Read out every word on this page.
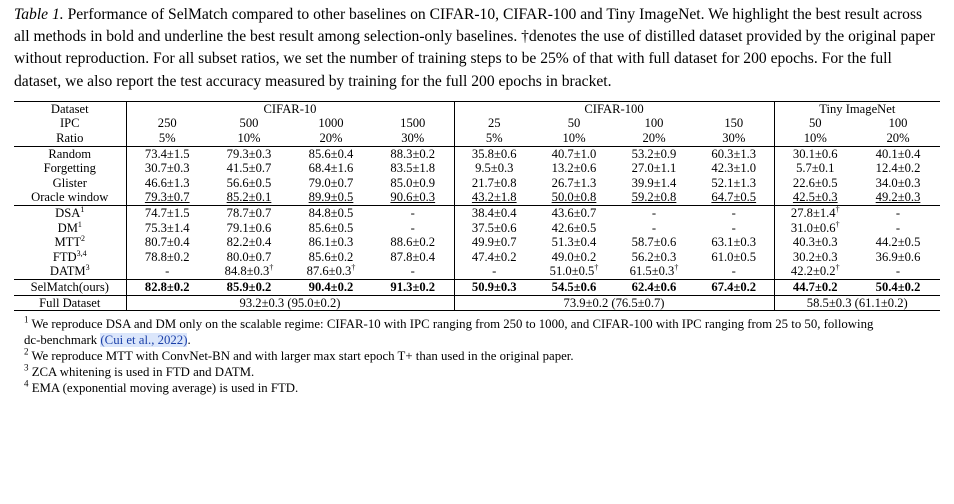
Table 1. Performance of SelMatch compared to other baselines on CIFAR-10, CIFAR-100 and Tiny ImageNet. We highlight the best result across all methods in bold and underline the best result among selection-only baselines. †denotes the use of distilled dataset provided by the original paper without reproduction. For all subset ratios, we set the number of training steps to be 25% of that with full dataset for 200 epochs. For the full dataset, we also report the test accuracy measured by training for the full 200 epochs in bracket.

Dataset	CIFAR-10				CIFAR-100				Tiny ImageNet	
IPC	250	500	1000	1500	25	50	100	150	50	100
Ratio	5%	10%	20%	30%	5%	10%	20%	30%	10%	20%
Random	73.4±1.5	79.3±0.3	85.6±0.4	88.3±0.2	35.8±0.6	40.7±1.0	53.2±0.9	60.3±1.3	30.1±0.6	40.1±0.4
Forgetting	30.7±0.3	41.5±0.7	68.4±1.6	83.5±1.8	9.5±0.3	13.2±0.6	27.0±1.1	42.3±1.0	5.7±0.1	12.4±0.2
Glister	46.6±1.3	56.6±0.5	79.0±0.7	85.0±0.9	21.7±0.8	26.7±1.3	39.9±1.4	52.1±1.3	22.6±0.5	34.0±0.3
Oracle window	79.3±0.7	85.2±0.1	89.9±0.5	90.6±0.3	43.2±1.8	50.0±0.8	59.2±0.8	64.7±0.5	42.5±0.3	49.2±0.3
DSA$^1$	74.7±1.5	78.7±0.7	84.8±0.5	-	38.4±0.4	43.6±0.7	-	-	27.8±1.4†	-
$DM^1$	75.3±1.4	79.1±0.6	85.6±0.5	-	37.5±0.6	42.6±0.5	-	-	31.0±0.6†	-
MTT$^2$	80.7±0.4	82.2±0.4	86.1±0.3	88.6±0.2	49.9±0.7	51.3±0.4	58.7±0.6	63.1±0.3	40.3±0.3	44.2±0.5
FTD$^{3,4}$	78.8±0.2	80.0±0.7	85.6±0.2	87.8±0.4	47.4±0.2	49.0±0.2	56.2±0.3	61.0±0.5	30.2±0.3	36.9±0.6
DATM$^3$	-	84.8±0.3†	87.6±0.3†	-	-	51.0±0.5†	61.5±0.3†	-	42.2±0.2†	-
SelMatch(ours)	82.8±0.2	85.9±0.2	90.4±0.2	91.3±0.2	50.9±0.3	54.5±0.6	62.4±0.6	67.4±0.2	44.7±0.2	50.4±0.2
Full Dataset	93.2±0.3 (95.0±0.2)				73.9±0.2 (76.5±0.7)				58.5±0.3 (61.1±0.2)	

$^1$ We reproduce DSA and DM only on the scalable regime: CIFAR-10 with IPC ranging from 250 to 1000, and CIFAR-100 with IPC ranging from 25 to 50, following

dc-benchmark (Cui et al., 2022).

$^2$ We reproduce MTT with ConvNet-BN and with larger max start epoch T+ than used in the original paper.

$^3$ ZCA whitening is used in FTD and DATM.

$^4$ EMA (exponential moving average) is used in FTD.
